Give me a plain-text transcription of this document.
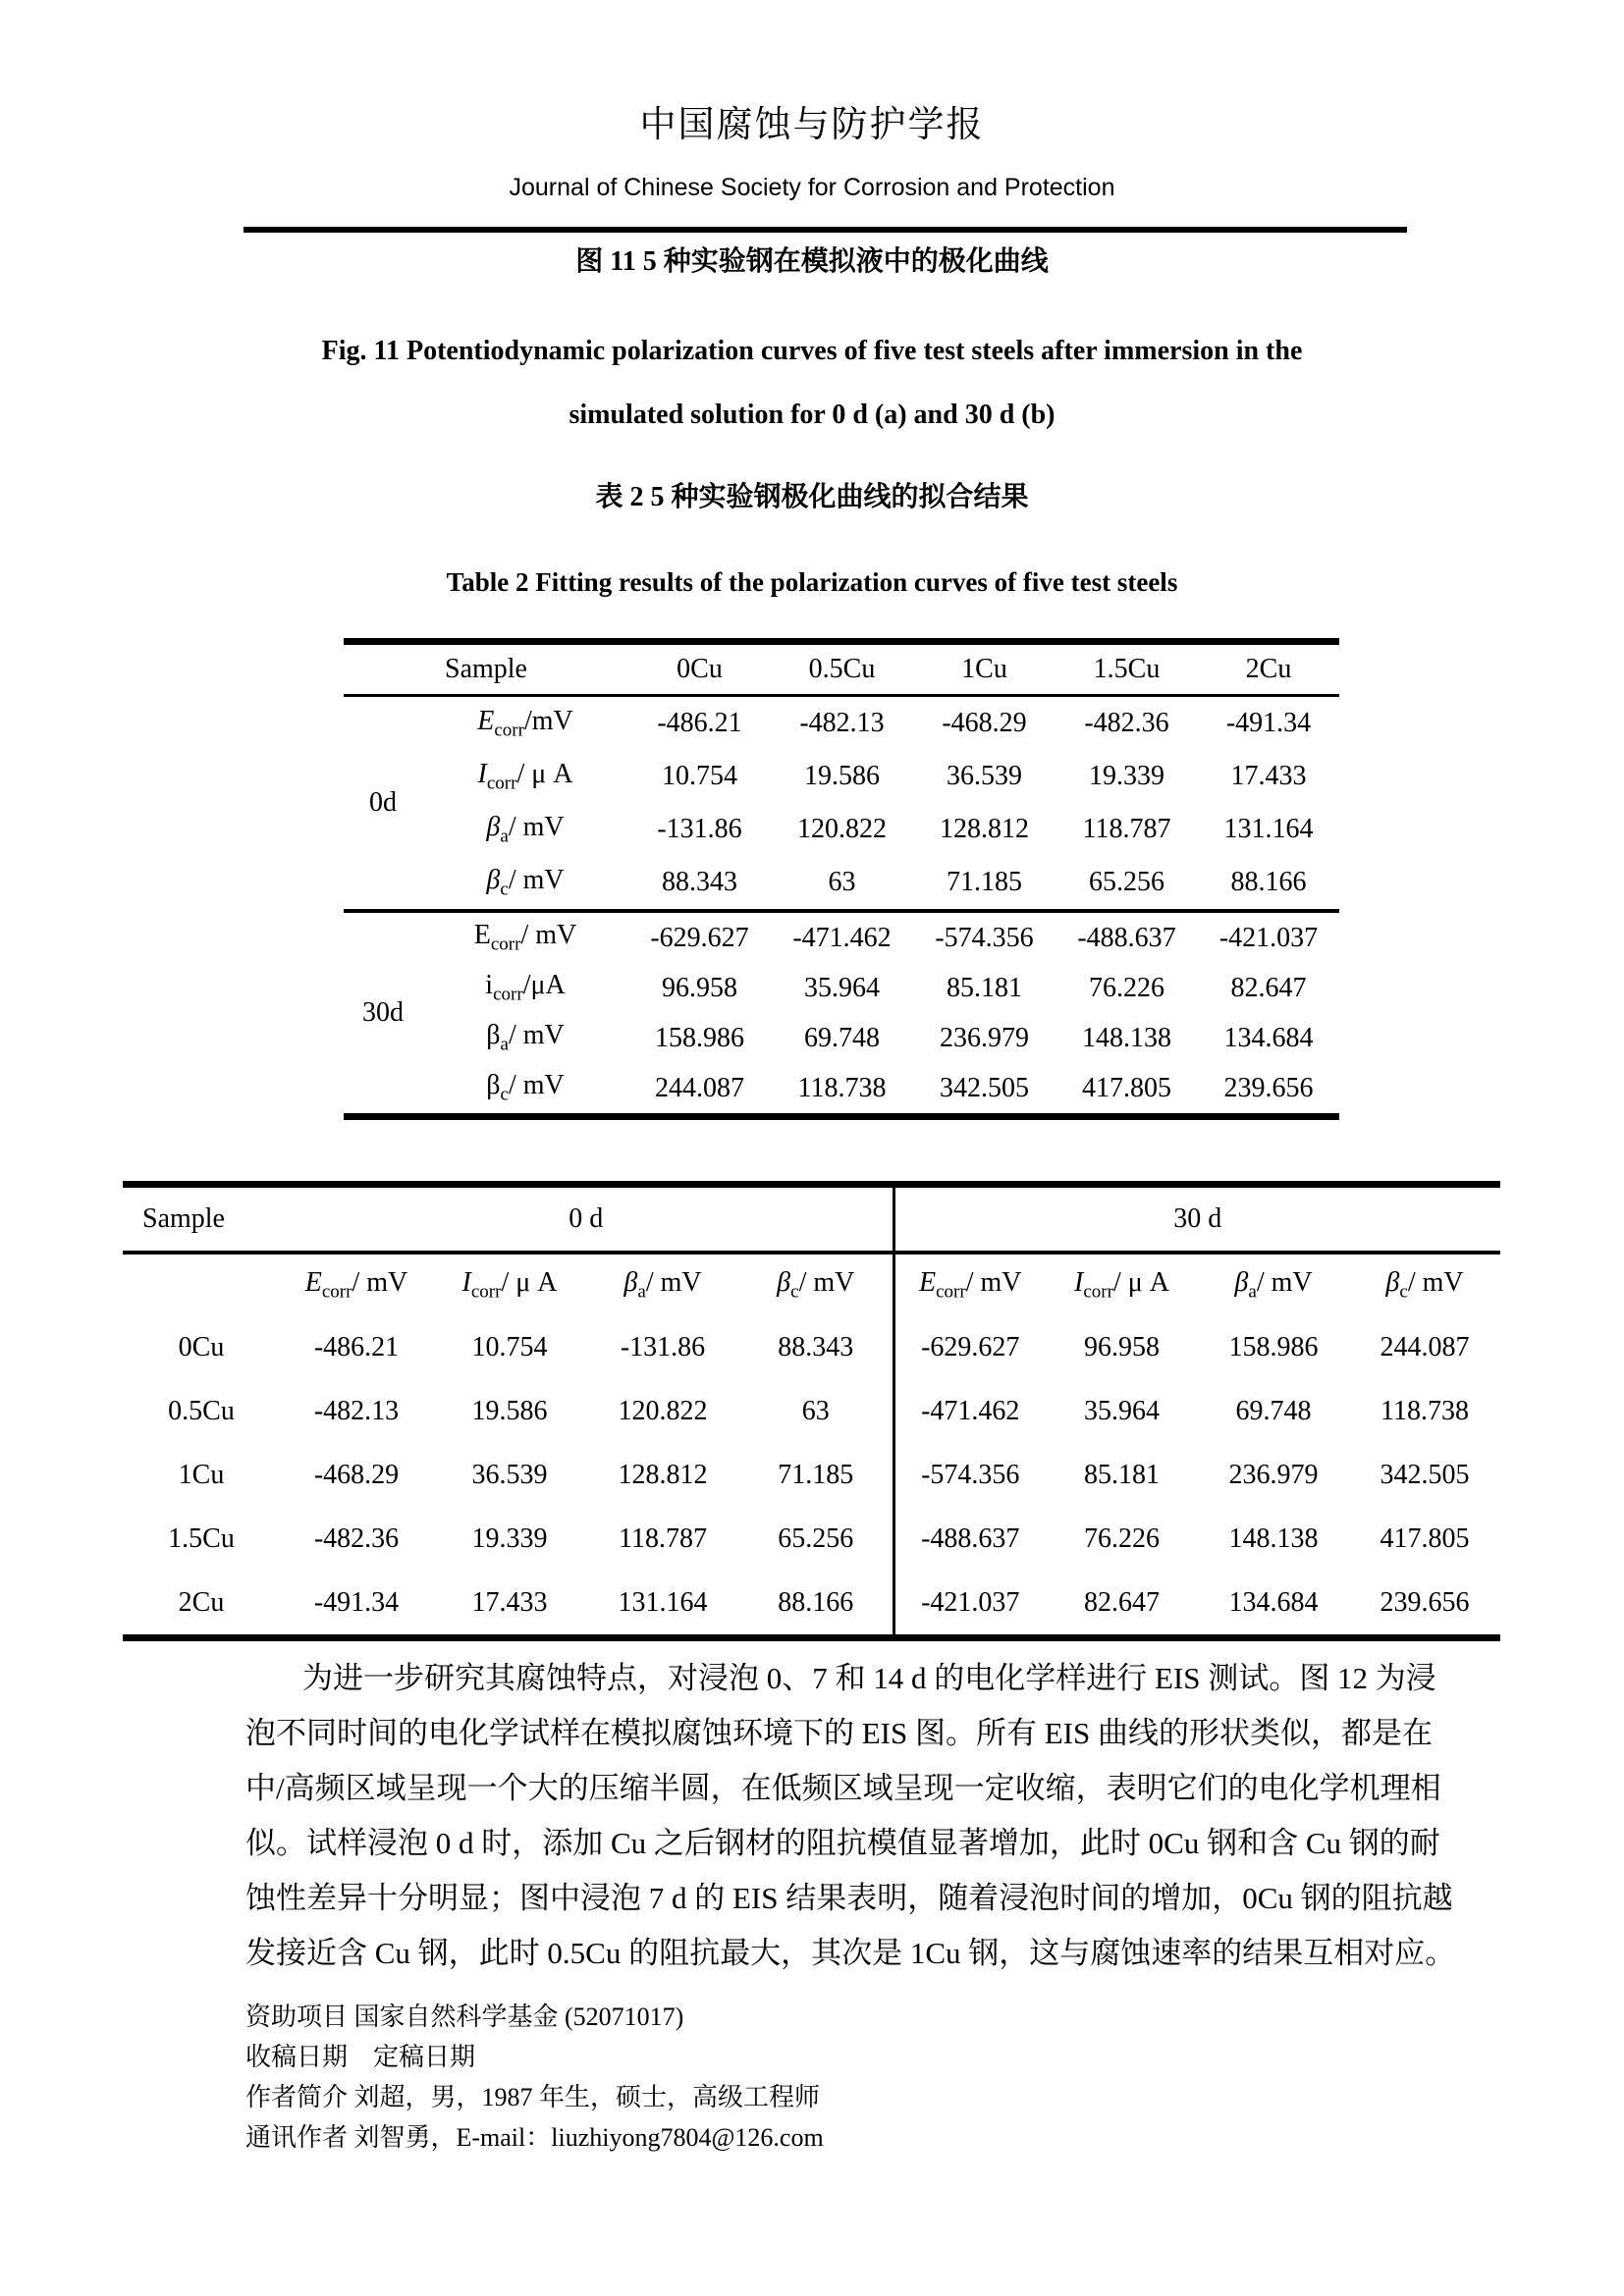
中国腐蚀与防护学报
Journal of Chinese Society for Corrosion and Protection
图 11 5 种实验钢在模拟液中的极化曲线
Fig. 11 Potentiodynamic polarization curves of five test steels after immersion in the
simulated solution for 0 d (a) and 30 d (b)
表 2 5 种实验钢极化曲线的拟合结果
Table 2 Fitting results of the polarization curves of five test steels
Sample		0Cu	0.5Cu	1Cu	1.5Cu	2Cu
0d	$E_{corr}/mV$	-486.21	-482.13	-468.29	-482.36	-491.34
	$I_{corr}/$ μ A	10.754	19.586	36.539	19.339	17.433
	$\beta_a/$ mV	-131.86	120.822	128.812	118.787	131.164
	$\beta_c/$ mV	88.343	63	71.185	65.256	88.166
30d	$E_{corr}/$ mV	-629.627	-471.462	-574.356	-488.637	-421.037
	$i_{corr}/\mu A$	96.958	35.964	85.181	76.226	82.647
	$\beta_a/$ mV	158.986	69.748	236.979	148.138	134.684
	$\beta_c/$ mV	244.087	118.738	342.505	417.805	239.656
Sample	0 d				30 d			
	$E_{corr}/$ mV	$I_{corr}/$ μ A	$\beta_a/$ mV	$\beta_c/$ mV	$E_{corr}/$ mV	$I_{corr}/$ μ A	$\beta_a/$ mV	$\beta_c/$ mV
0Cu	-486.21	10.754	-131.86	88.343	-629.627	96.958	158.986	244.087
0.5Cu	-482.13	19.586	120.822	63	-471.462	35.964	69.748	118.738
1Cu	-468.29	36.539	128.812	71.185	-574.356	85.181	236.979	342.505
1.5Cu	-482.36	19.339	118.787	65.256	-488.637	76.226	148.138	417.805
2Cu	-491.34	17.433	131.164	88.166	-421.037	82.647	134.684	239.656
为进一步研究其腐蚀特点，对浸泡 0、7 和 14 d 的电化学样进行 EIS 测试。图 12 为浸
泡不同时间的电化学试样在模拟腐蚀环境下的 EIS 图。所有 EIS 曲线的形状类似，都是在
中/高频区域呈现一个大的压缩半圆，在低频区域呈现一定收缩，表明它们的电化学机理相
似。试样浸泡 0 d 时，添加 Cu 之后钢材的阻抗模值显著增加，此时 0Cu 钢和含 Cu 钢的耐
蚀性差异十分明显；图中浸泡 7 d 的 EIS 结果表明，随着浸泡时间的增加，0Cu 钢的阻抗越
发接近含 Cu 钢，此时 0.5Cu 的阻抗最大，其次是 1Cu 钢，这与腐蚀速率的结果互相对应。
资助项目 国家自然科学基金 (52071017)
收稿日期　定稿日期
作者简介 刘超，男，1987 年生，硕士，高级工程师
通讯作者 刘智勇，E-mail：liuzhiyong7804@126.com
